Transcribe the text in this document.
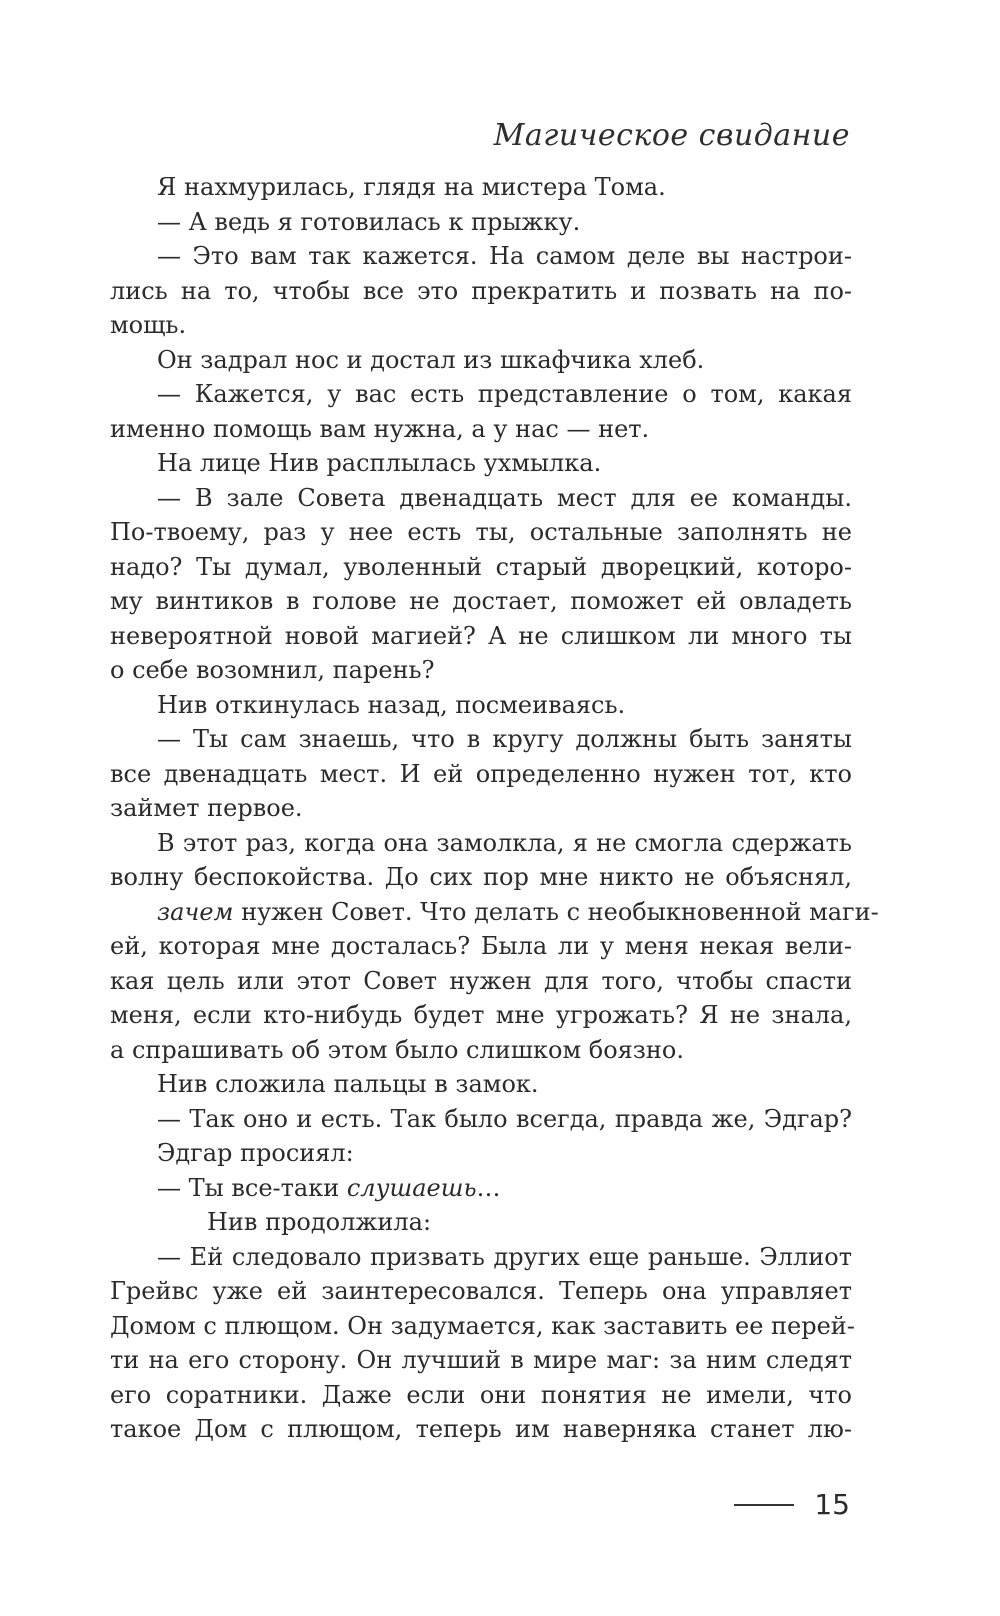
Магическое свидание
Я нахмурилась, глядя на мистера Тома.
— А ведь я готовилась к прыжку.
— Это вам так кажется. На самом деле вы настрои-
лись на то, чтобы все это прекратить и позвать на по-
мощь.
Он задрал нос и достал из шкафчика хлеб.
— Кажется, у вас есть представление о том, какая
именно помощь вам нужна, а у нас — нет.
На лице Нив расплылась ухмылка.
— В зале Совета двенадцать мест для ее команды.
По-твоему, раз у нее есть ты, остальные заполнять не
надо? Ты думал, уволенный старый дворецкий, которо-
му винтиков в голове не достает, поможет ей овладеть
невероятной новой магией? А не слишком ли много ты
о себе возомнил, парень?
Нив откинулась назад, посмеиваясь.
— Ты сам знаешь, что в кругу должны быть заняты
все двенадцать мест. И ей определенно нужен тот, кто
займет первое.
В этот раз, когда она замолкла, я не смогла сдержать
волну беспокойства. До сих пор мне никто не объяснял,
зачем нужен Совет. Что делать с необыкновенной маги-
ей, которая мне досталась? Была ли у меня некая вели-
кая цель или этот Совет нужен для того, чтобы спасти
меня, если кто-нибудь будет мне угрожать? Я не знала,
а спрашивать об этом было слишком боязно.
Нив сложила пальцы в замок.
— Так оно и есть. Так было всегда, правда же, Эдгар?
Эдгар просиял:
— Ты все-таки слушаешь…
Нив продолжила:
— Ей следовало призвать других еще раньше. Эллиот
Грейвс уже ей заинтересовался. Теперь она управляет
Домом с плющом. Он задумается, как заставить ее перей-
ти на его сторону. Он лучший в мире маг: за ним следят
его соратники. Даже если они понятия не имели, что
такое Дом с плющом, теперь им наверняка станет лю-
15
